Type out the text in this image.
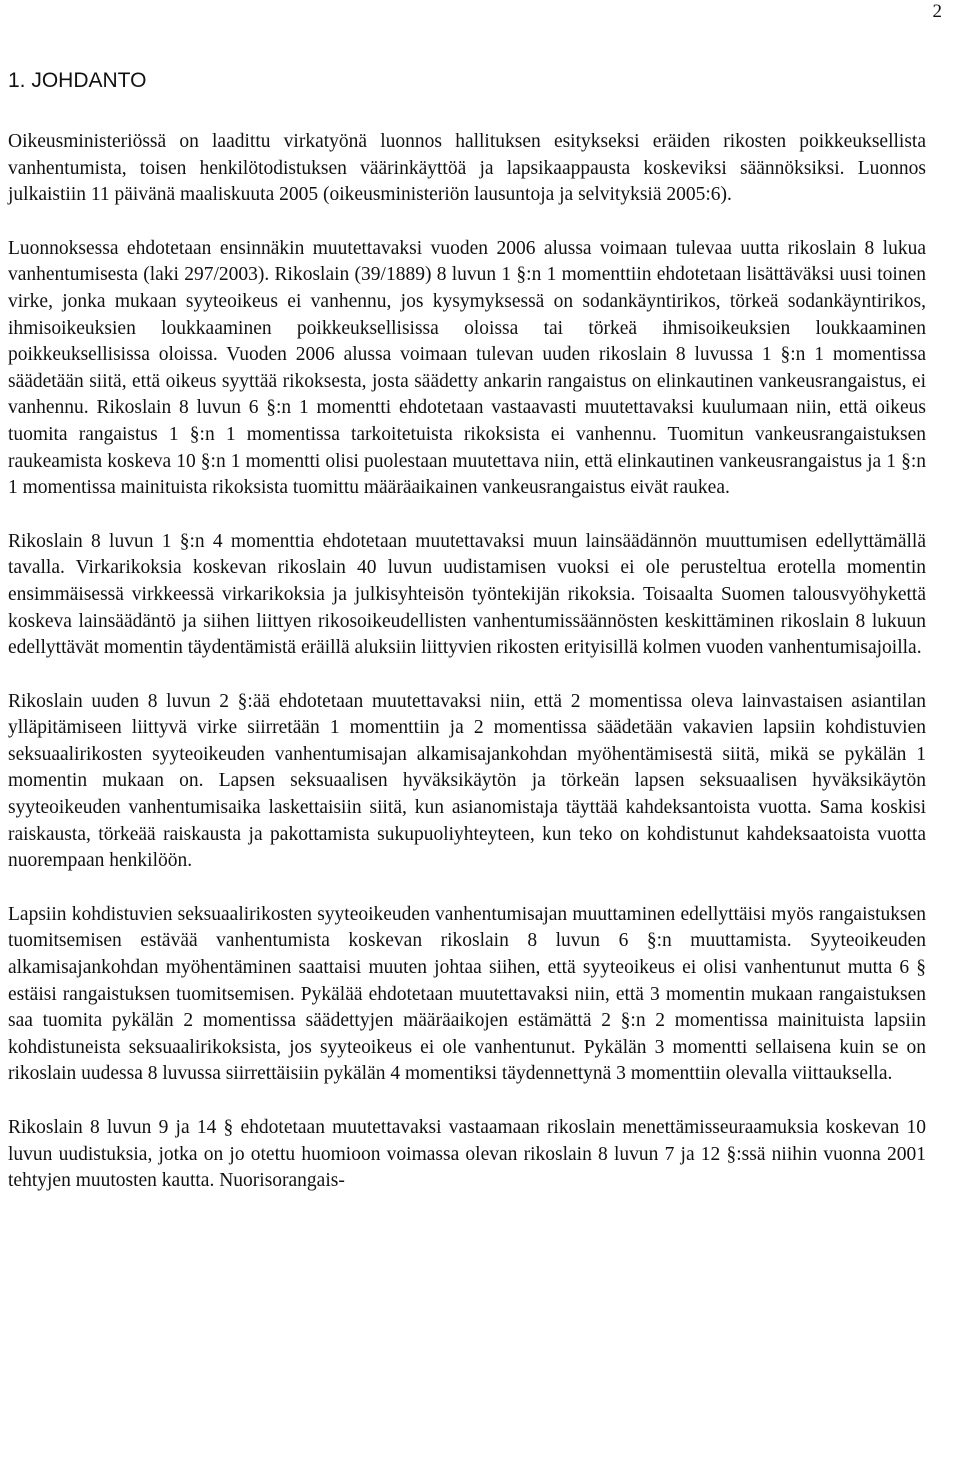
2
1. JOHDANTO

Oikeusministeriössä on laadittu virkatyönä luonnos hallituksen esitykseksi eräiden rikosten poikkeuksellista vanhentumista, toisen henkilötodistuksen väärinkäyttöä ja lapsikaappausta koskeviksi säännöksiksi. Luonnos julkaistiin 11 päivänä maaliskuuta 2005 (oikeusministeriön lausuntoja ja selvityksiä 2005:6).

Luonnoksessa ehdotetaan ensinnäkin muutettavaksi vuoden 2006 alussa voimaan tulevaa uutta rikoslain 8 lukua vanhentumisesta (laki 297/2003). Rikoslain (39/1889) 8 luvun 1 §:n 1 momenttiin ehdotetaan lisättäväksi uusi toinen virke, jonka mukaan syyteoikeus ei vanhennu, jos kysymyksessä on sodankäyntirikos, törkeä sodankäyntirikos, ihmisoikeuksien loukkaaminen poikkeuksellisissa oloissa tai törkeä ihmisoikeuksien loukkaaminen poikkeuksellisissa oloissa. Vuoden 2006 alussa voimaan tulevan uuden rikoslain 8 luvussa 1 §:n 1 momentissa säädetään siitä, että oikeus syyttää rikoksesta, josta säädetty ankarin rangaistus on elinkautinen vankeusrangaistus, ei vanhennu. Rikoslain 8 luvun 6 §:n 1 momentti ehdotetaan vastaavasti muutettavaksi kuulumaan niin, että oikeus tuomita rangaistus 1 §:n 1 momentissa tarkoitetuista rikoksista ei vanhennu. Tuomitun vankeusrangaistuksen raukeamista koskeva 10 §:n 1 momentti olisi puolestaan muutettava niin, että elinkautinen vankeusrangaistus ja 1 §:n 1 momentissa mainituista rikoksista tuomittu määräaikainen vankeusrangaistus eivät raukea.

Rikoslain 8 luvun 1 §:n 4 momenttia ehdotetaan muutettavaksi muun lainsäädännön muuttumisen edellyttämällä tavalla. Virkarikoksia koskevan rikoslain 40 luvun uudistamisen vuoksi ei ole perusteltua erotella momentin ensimmäisessä virkkeessä virkarikoksia ja julkisyhteisön työntekijän rikoksia. Toisaalta Suomen talousvyöhykettä koskeva lainsäädäntö ja siihen liittyen rikosoikeudellisten vanhentumissäännösten keskittäminen rikoslain 8 lukuun edellyttävät momentin täydentämistä eräillä aluksiin liittyvien rikosten erityisillä kolmen vuoden vanhentumisajoilla.

Rikoslain uuden 8 luvun 2 §:ää ehdotetaan muutettavaksi niin, että 2 momentissa oleva lainvastaisen asiantilan ylläpitämiseen liittyvä virke siirretään 1 momenttiin ja 2 momentissa säädetään vakavien lapsiin kohdistuvien seksuaalirikosten syyteoikeuden vanhentumisajan alkamisajankohdan myöhentämisestä siitä, mikä se pykälän 1 momentin mukaan on. Lapsen seksuaalisen hyväksikäytön ja törkeän lapsen seksuaalisen hyväksikäytön syyteoikeuden vanhentumisaika laskettaisiin siitä, kun asianomistaja täyttää kahdeksantoista vuotta. Sama koskisi raiskausta, törkeää raiskausta ja pakottamista sukupuoliyhteyteen, kun teko on kohdistunut kahdeksaatoista vuotta nuorempaan henkilöön.

Lapsiin kohdistuvien seksuaalirikosten syyteoikeuden vanhentumisajan muuttaminen edellyttäisi myös rangaistuksen tuomitsemisen estävää vanhentumista koskevan rikoslain 8 luvun 6 §:n muuttamista. Syyteoikeuden alkamisajankohdan myöhentäminen saattaisi muuten johtaa siihen, että syyteoikeus ei olisi vanhentunut mutta 6 § estäisi rangaistuksen tuomitsemisen. Pykälää ehdotetaan muutettavaksi niin, että 3 momentin mukaan rangaistuksen saa tuomita pykälän 2 momentissa säädettyjen määräaikojen estämättä 2 §:n 2 momentissa mainituista lapsiin kohdistuneista seksuaalirikoksista, jos syyteoikeus ei ole vanhentunut. Pykälän 3 momentti sellaisena kuin se on rikoslain uudessa 8 luvussa siirrettäisiin pykälän 4 momentiksi täydennettynä 3 momenttiin olevalla viittauksella.

Rikoslain 8 luvun 9 ja 14 § ehdotetaan muutettavaksi vastaamaan rikoslain menettämisseuraamuksia koskevan 10 luvun uudistuksia, jotka on jo otettu huomioon voimassa olevan rikoslain 8 luvun 7 ja 12 §:ssä niihin vuonna 2001 tehtyjen muutosten kautta. Nuorisorangais-
